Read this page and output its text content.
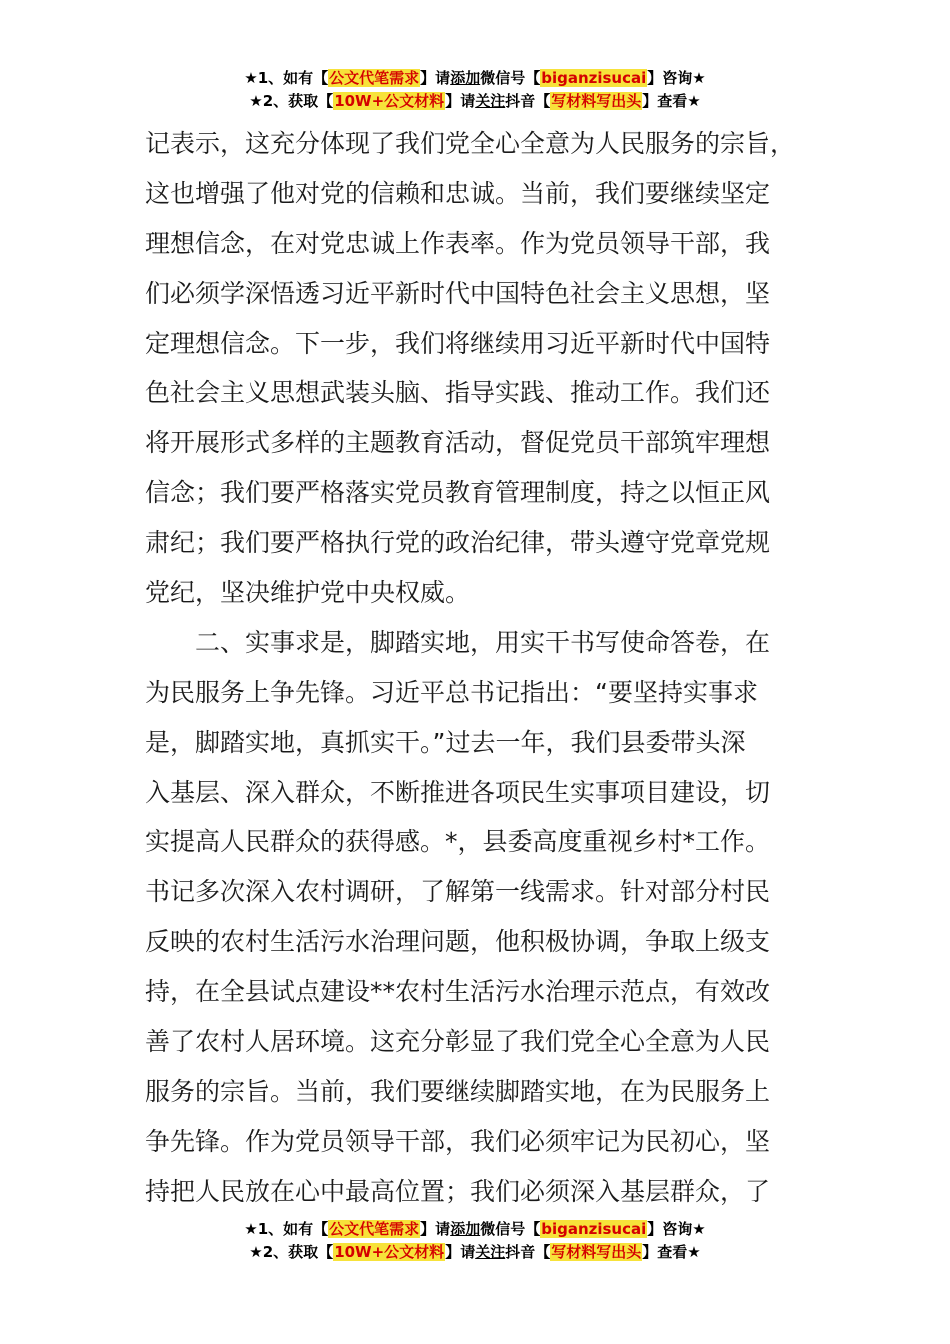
★1、如有【公文代笔需求】请添加微信号【biganzisucai】咨询★
★2、获取【10W+公文材料】请关注抖音【写材料写出头】查看★
记表示，这充分体现了我们党全心全意为人民服务的宗旨，
这也增强了他对党的信赖和忠诚。当前，我们要继续坚定
理想信念，在对党忠诚上作表率。作为党员领导干部，我
们必须学深悟透习近平新时代中国特色社会主义思想，坚
定理想信念。下一步，我们将继续用习近平新时代中国特
色社会主义思想武装头脑、指导实践、推动工作。我们还
将开展形式多样的主题教育活动，督促党员干部筑牢理想
信念；我们要严格落实党员教育管理制度，持之以恒正风
肃纪；我们要严格执行党的政治纪律，带头遵守党章党规
党纪，坚决维护党中央权威。
　　二、实事求是，脚踏实地，用实干书写使命答卷，在
为民服务上争先锋。习近平总书记指出：“要坚持实事求
是，脚踏实地，真抓实干。”过去一年，我们县委带头深
入基层、深入群众，不断推进各项民生实事项目建设，切
实提高人民群众的获得感。*，县委高度重视乡村*工作。
书记多次深入农村调研，了解第一线需求。针对部分村民
反映的农村生活污水治理问题，他积极协调，争取上级支
持，在全县试点建设**农村生活污水治理示范点，有效改
善了农村人居环境。这充分彰显了我们党全心全意为人民
服务的宗旨。当前，我们要继续脚踏实地，在为民服务上
争先锋。作为党员领导干部，我们必须牢记为民初心，坚
持把人民放在心中最高位置；我们必须深入基层群众，了
★1、如有【公文代笔需求】请添加微信号【biganzisucai】咨询★
★2、获取【10W+公文材料】请关注抖音【写材料写出头】查看★
